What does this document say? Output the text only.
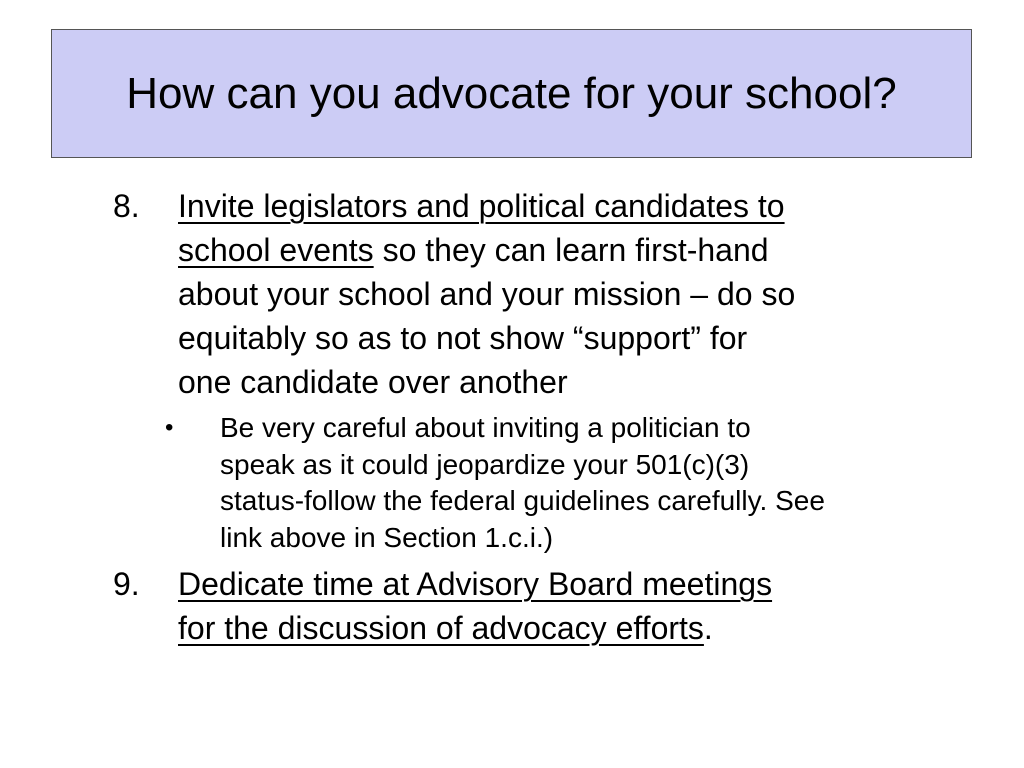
How can you advocate for your school?
8. Invite legislators and political candidates to
school events so they can learn first-hand
about your school and your mission – do so
equitably so as to not show “support” for
one candidate over another
• Be very careful about inviting a politician to
speak as it could jeopardize your 501(c)(3)
status-follow the federal guidelines carefully. See
link above in Section 1.c.i.)
9. Dedicate time at Advisory Board meetings
for the discussion of advocacy efforts.
